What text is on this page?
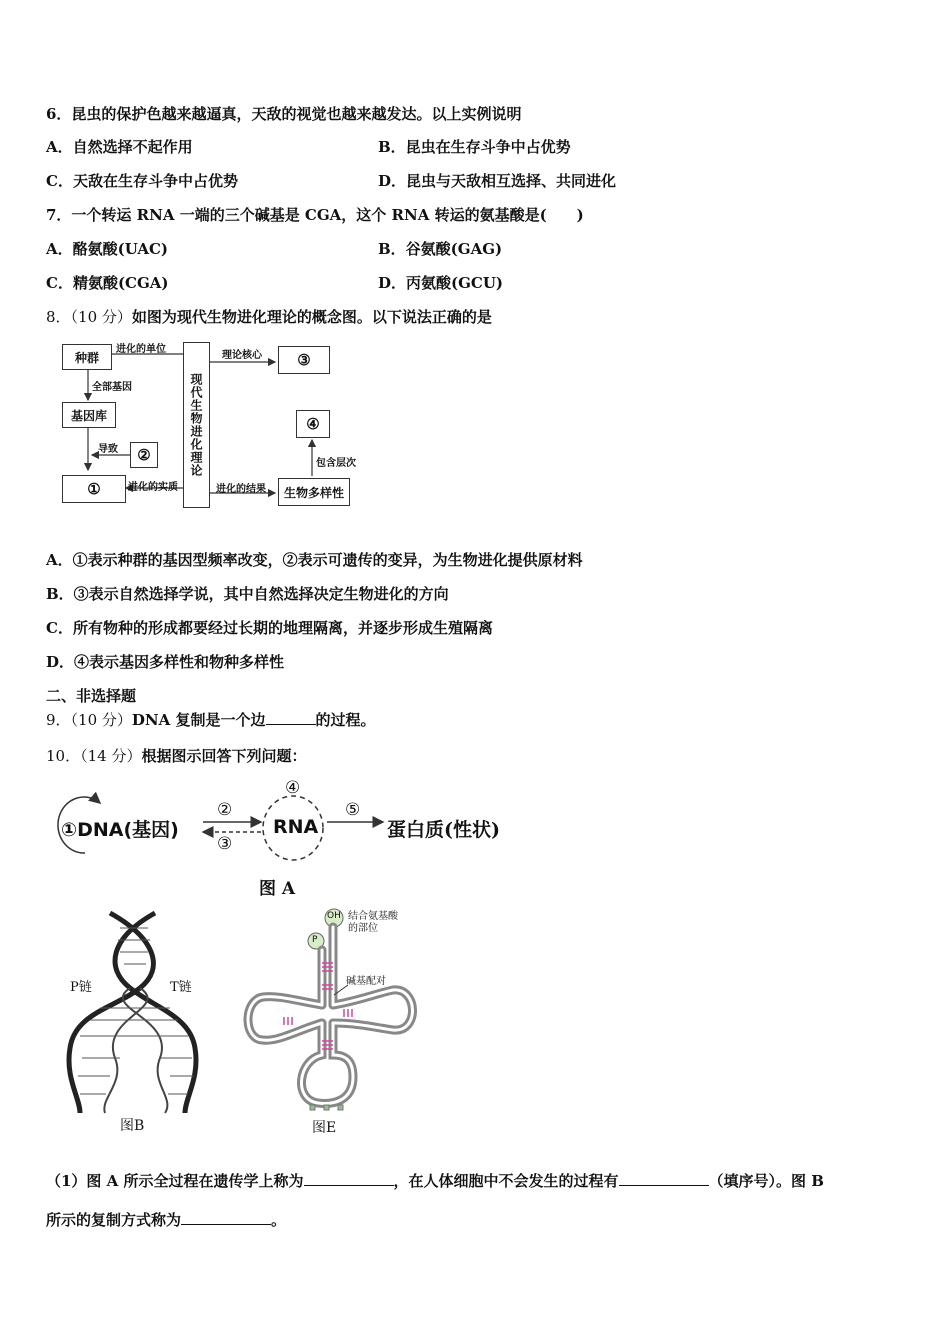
6．昆虫的保护色越来越逼真，天敌的视觉也越来越发达。以上实例说明
A．自然选择不起作用	B．昆虫在生存斗争中占优势
C．天敌在生存斗争中占优势	D．昆虫与天敌相互选择、共同进化
7．一个转运 RNA 一端的三个碱基是 CGA，这个 RNA 转运的氨基酸是(　　)
A．酪氨酸(UAC)	B．谷氨酸(GAG)
C．精氨酸(CGA)	D．丙氨酸(GCU)
8．（10 分）如图为现代生物进化理论的概念图。以下说法正确的是
种群
基因库
②
①
现代生物进化理论
③
④
生物多样性
进化的单位
全部基因
导致
进化的实质
理论核心
进化的结果
包含层次
A．①表示种群的基因型频率改变，②表示可遗传的变异，为生物进化提供原材料
B．③表示自然选择学说，其中自然选择决定生物进化的方向
C．所有物种的形成都要经过长期的地理隔离，并逐步形成生殖隔离
D．④表示基因多样性和物种多样性
二、非选择题
9．（10 分）DNA 复制是一个边	的过程。
10．（14 分）根据图示回答下列问题：
①DNA(基因)	RNA	蛋白质(性状)
②
③
④
⑤
图 A
P链	T链
图B
OH
P
结合氨基酸
的部位
碱基配对
图E
（1）图 A 所示全过程在遗传学上称为	，在人体细胞中不会发生的过程有	（填序号）。图 B
所示的复制方式称为	。
